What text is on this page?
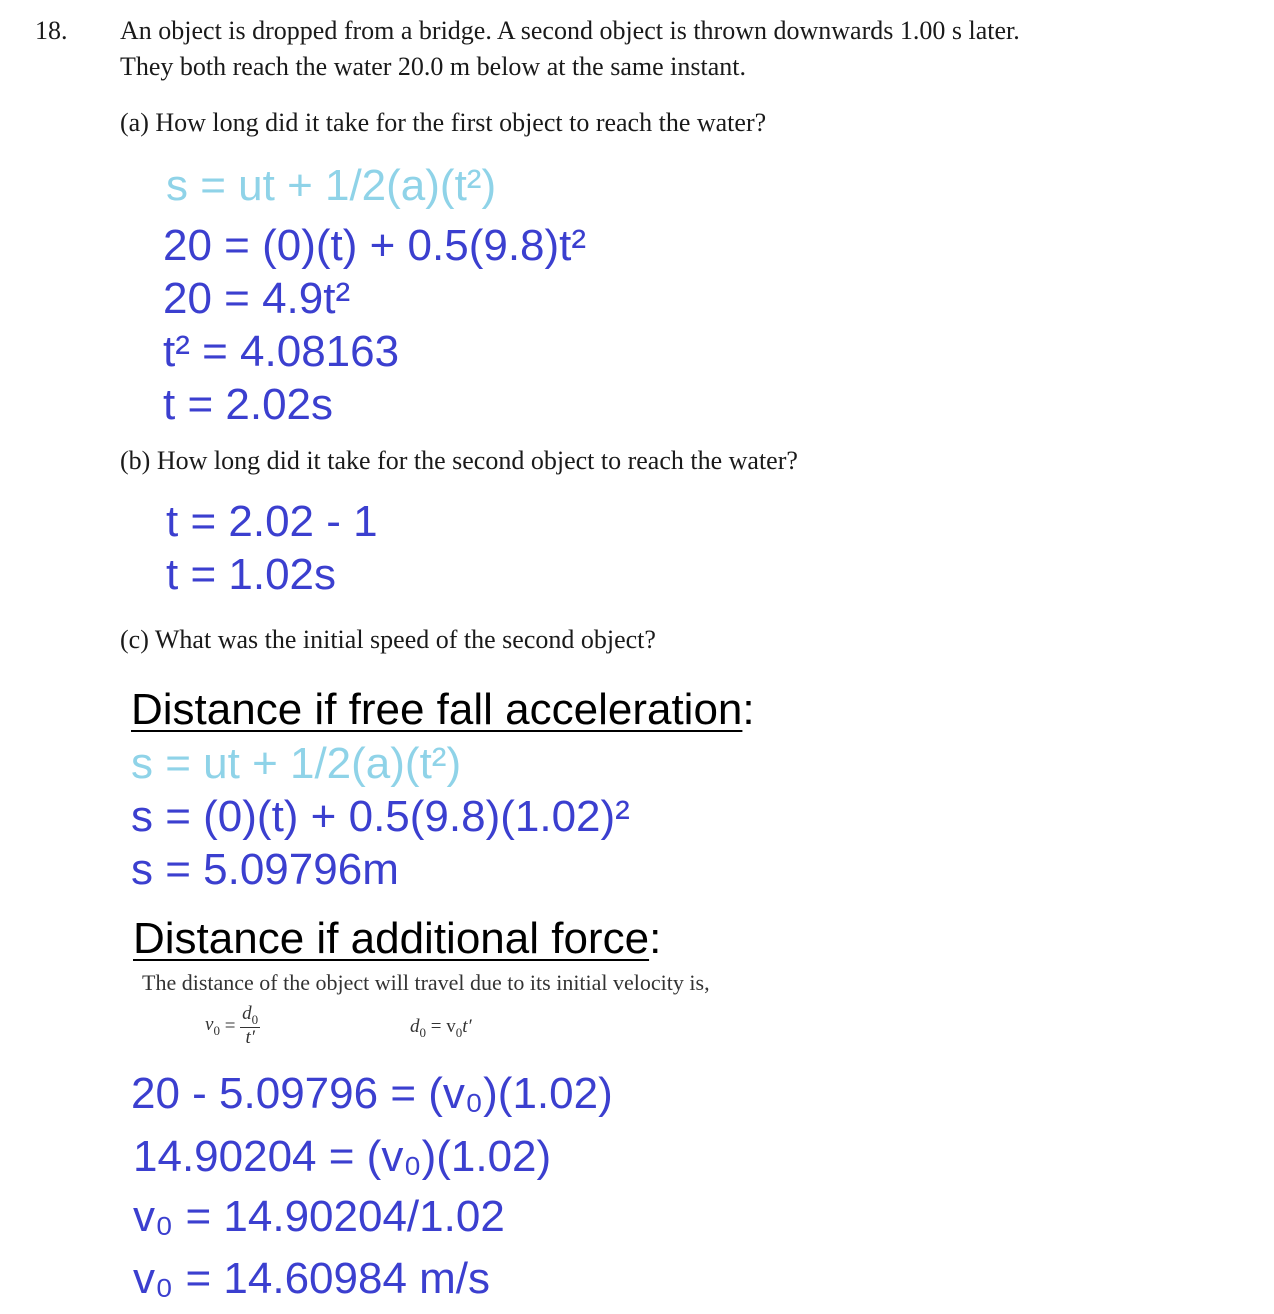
18. An object is dropped from a bridge. A second object is thrown downwards 1.00 s later.

They both reach the water 20.0 m below at the same instant.

(a) How long did it take for the first object to reach the water?

s = ut + 1/2(a)(t²)

20 = (0)(t) + 0.5(9.8)t²

20 = 4.9t²

t² = 4.08163

t = 2.02s

(b) How long did it take for the second object to reach the water?

t = 2.02 - 1

t = 1.02s

(c) What was the initial speed of the second object?

Distance if free fall acceleration:

s = ut + 1/2(a)(t²)

s = (0)(t) + 0.5(9.8)(1.02)²

s = 5.09796m

Distance if additional force:

The distance of the object will travel due to its initial velocity is,

$v_0 = \frac{d_0}{t'}$	$d_0 = v_0t'$

20 - 5.09796 = (v₀)(1.02)

14.90204 = (v₀)(1.02)

v₀ = 14.90204/1.02

v₀ = 14.60984 m/s
